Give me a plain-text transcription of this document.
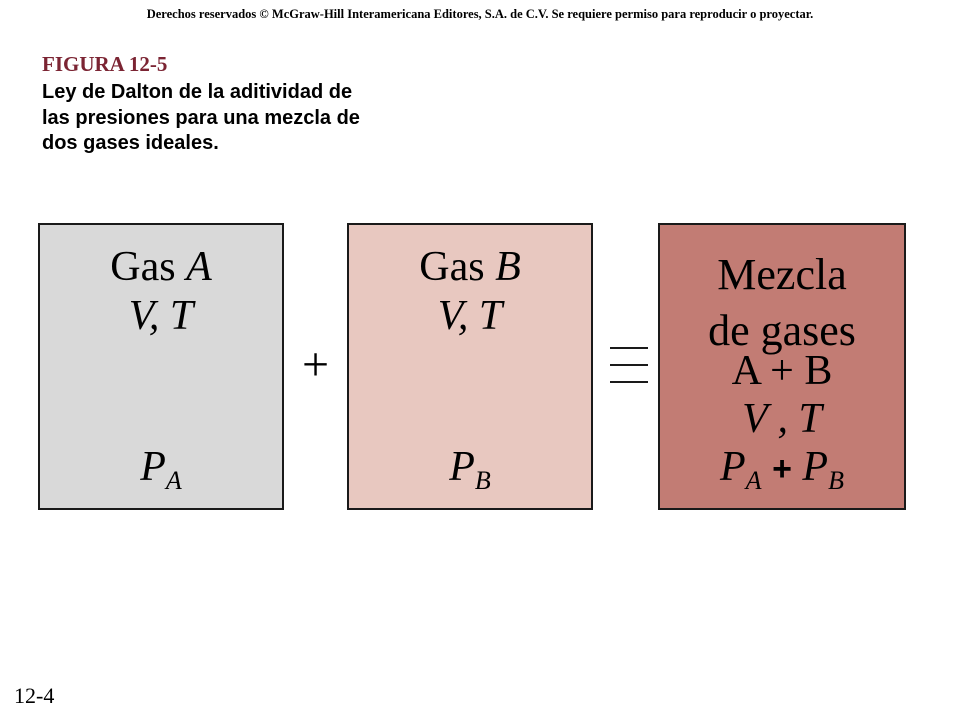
Derechos reservados © McGraw-Hill Interamericana Editores, S.A. de C.V. Se requiere permiso para reproducir o proyectar.
FIGURA 12-5
Ley de Dalton de la aditividad de las presiones para una mezcla de dos gases ideales.
Gas A
V, T
$P_A$
+
Gas B
V, T
$P_B$
Mezcla
de gases
A + B
V , T
$P_A + P_B$
12-4
